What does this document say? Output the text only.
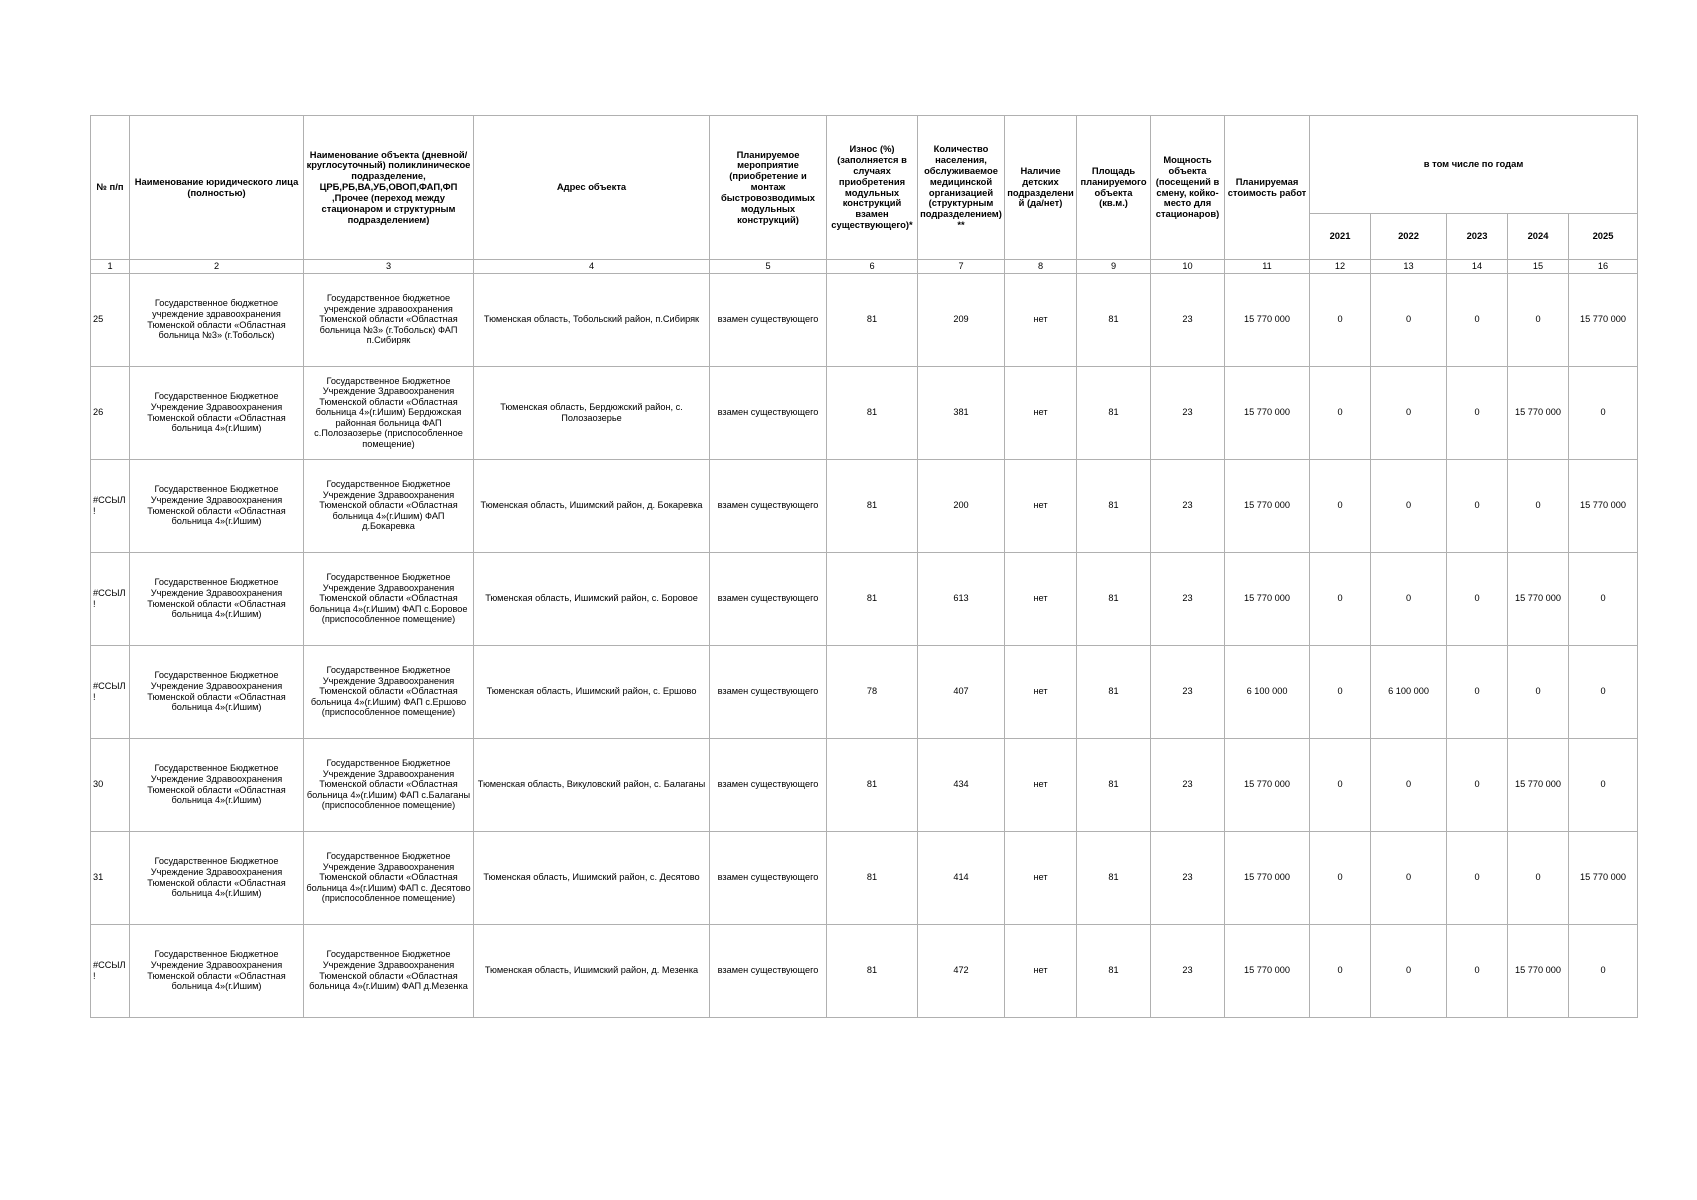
№ п/п	Наименование юридического лица (полностью)	Наименование объекта (дневной/круглосуточный) поликлиническое подразделение, ЦРБ,РБ,ВА,УБ,ОВОП,ФАП,ФП ,Прочее (переход между стационаром и структурным подразделением)	Адрес объекта	Планируемое мероприятие (приобретение и монтаж быстровозводимых модульных конструкций)	Износ (%) (заполняется в случаях приобретения модульных конструкций взамен существующего)*	Количество населения, обслуживаемое медицинской организацией (структурным подразделением)**	Наличие детских подразделений (да/нет)	Площадь планируемого объекта (кв.м.)	Мощность объекта (посещений в смену, койко-место для стационаров)	Планируемая стоимость работ	в том числе по годам				
											2021	2022	2023	2024	2025
1	2	3	4	5	6	7	8	9	10	11	12	13	14	15	16
25	Государственное бюджетное учреждение здравоохранения Тюменской области «Областная больница №3» (г.Тобольск)	Государственное бюджетное учреждение здравоохранения Тюменской области «Областная больница №3» (г.Тобольск) ФАП п.Сибиряк	Тюменская область, Тобольский район, п.Сибиряк	взамен существующего	81	209	нет	81	23	15 770 000	0	0	0	0	15 770 000
26	Государственное Бюджетное Учреждение Здравоохранения Тюменской области «Областная больница 4»(г.Ишим)	Государственное Бюджетное Учреждение Здравоохранения Тюменской области «Областная больница 4»(г.Ишим) Бердюжская районная больница ФАП с.Полозаозерье (приспособленное помещение)	Тюменская область, Бердюжский район, с. Полозаозерье	взамен существующего	81	381	нет	81	23	15 770 000	0	0	0	15 770 000	0
#ССЫЛ!	Государственное Бюджетное Учреждение Здравоохранения Тюменской области «Областная больница 4»(г.Ишим)	Государственное Бюджетное Учреждение Здравоохранения Тюменской области «Областная больница 4»(г.Ишим) ФАП д.Бокаревка	Тюменская область, Ишимский район, д. Бокаревка	взамен существующего	81	200	нет	81	23	15 770 000	0	0	0	0	15 770 000
#ССЫЛ!	Государственное Бюджетное Учреждение Здравоохранения Тюменской области «Областная больница 4»(г.Ишим)	Государственное Бюджетное Учреждение Здравоохранения Тюменской области «Областная больница 4»(г.Ишим) ФАП с.Боровое (приспособленное помещение)	Тюменская область, Ишимский район, с. Боровое	взамен существующего	81	613	нет	81	23	15 770 000	0	0	0	15 770 000	0
#ССЫЛ!	Государственное Бюджетное Учреждение Здравоохранения Тюменской области «Областная больница 4»(г.Ишим)	Государственное Бюджетное Учреждение Здравоохранения Тюменской области «Областная больница 4»(г.Ишим) ФАП с.Ершово (приспособленное помещение)	Тюменская область, Ишимский район, с. Ершово	взамен существующего	78	407	нет	81	23	6 100 000	0	6 100 000	0	0	0
30	Государственное Бюджетное Учреждение Здравоохранения Тюменской области «Областная больница 4»(г.Ишим)	Государственное Бюджетное Учреждение Здравоохранения Тюменской области «Областная больница 4»(г.Ишим) ФАП с.Балаганы (приспособленное помещение)	Тюменская область, Викуловский район, с. Балаганы	взамен существующего	81	434	нет	81	23	15 770 000	0	0	0	15 770 000	0
31	Государственное Бюджетное Учреждение Здравоохранения Тюменской области «Областная больница 4»(г.Ишим)	Государственное Бюджетное Учреждение Здравоохранения Тюменской области «Областная больница 4»(г.Ишим) ФАП с. Десятово (приспособленное помещение)	Тюменская область, Ишимский район, с. Десятово	взамен существующего	81	414	нет	81	23	15 770 000	0	0	0	0	15 770 000
#ССЫЛ!	Государственное Бюджетное Учреждение Здравоохранения Тюменской области «Областная больница 4»(г.Ишим)	Государственное Бюджетное Учреждение Здравоохранения Тюменской области «Областная больница 4»(г.Ишим) ФАП д.Мезенка	Тюменская область, Ишимский район, д. Мезенка	взамен существующего	81	472	нет	81	23	15 770 000	0	0	0	15 770 000	0
